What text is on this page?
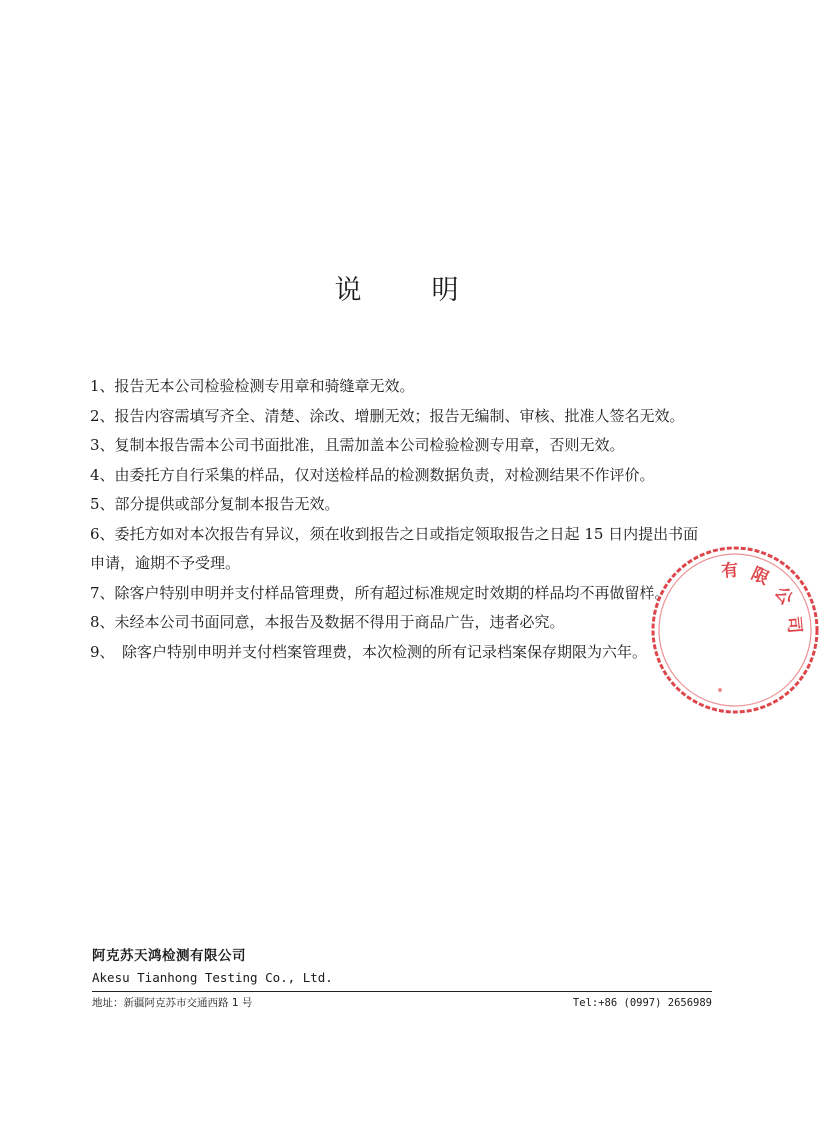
说	明

1、报告无本公司检验检测专用章和骑缝章无效。

2、报告内容需填写齐全、清楚、涂改、增删无效；报告无编制、审核、批准人签名无效。

3、复制本报告需本公司书面批准，且需加盖本公司检验检测专用章，否则无效。

4、由委托方自行采集的样品，仅对送检样品的检测数据负责，对检测结果不作评价。

5、部分提供或部分复制本报告无效。

6、委托方如对本次报告有异议，须在收到报告之日或指定领取报告之日起 15 日内提出书面申请，逾期不予受理。

7、除客户特别申明并支付样品管理费，所有超过标准规定时效期的样品均不再做留样。

8、未经本公司书面同意，本报告及数据不得用于商品广告，违者必究。

9、　除客户特别申明并支付档案管理费，本次检测的所有记录档案保存期限为六年。

有 限
公
司
阿克苏天鸿检测有限公司
Akesu Tianhong Testing Co., Ltd.
地址：新疆阿克苏市交通西路 1 号	Tel:+86 (0997) 2656989
